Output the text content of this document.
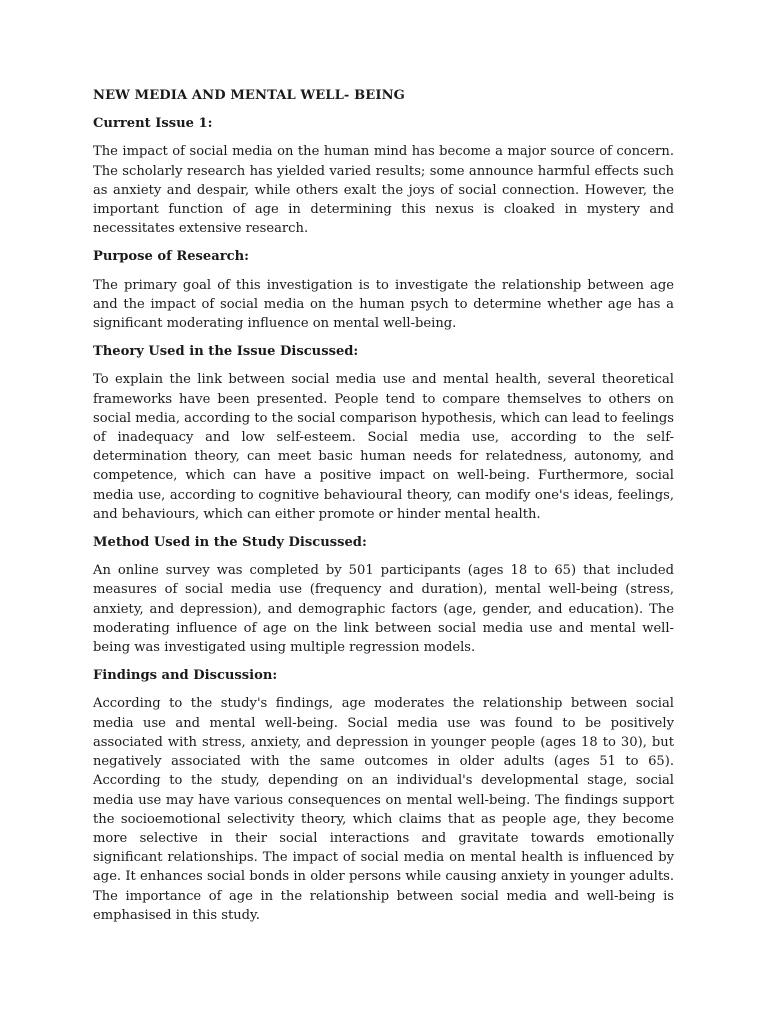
NEW MEDIA AND MENTAL WELL- BEING
Current Issue 1:

The impact of social media on the human mind has become a major source of concern. The scholarly research has yielded varied results; some announce harmful effects such as anxiety and despair, while others exalt the joys of social connection. However, the important function of age in determining this nexus is cloaked in mystery and necessitates extensive research.

Purpose of Research:

The primary goal of this investigation is to investigate the relationship between age and the impact of social media on the human psych to determine whether age has a significant moderating influence on mental well-being.

Theory Used in the Issue Discussed:

To explain the link between social media use and mental health, several theoretical frameworks have been presented. People tend to compare themselves to others on social media, according to the social comparison hypothesis, which can lead to feelings of inadequacy and low self-esteem. Social media use, according to the self-determination theory, can meet basic human needs for relatedness, autonomy, and competence, which can have a positive impact on well-being. Furthermore, social media use, according to cognitive behavioural theory, can modify one's ideas, feelings, and behaviours, which can either promote or hinder mental health.

Method Used in the Study Discussed:

An online survey was completed by 501 participants (ages 18 to 65) that included measures of social media use (frequency and duration), mental well-being (stress, anxiety, and depression), and demographic factors (age, gender, and education). The moderating influence of age on the link between social media use and mental well-being was investigated using multiple regression models.

Findings and Discussion:

According to the study's findings, age moderates the relationship between social media use and mental well-being. Social media use was found to be positively associated with stress, anxiety, and depression in younger people (ages 18 to 30), but negatively associated with the same outcomes in older adults (ages 51 to 65). According to the study, depending on an individual's developmental stage, social media use may have various consequences on mental well-being. The findings support the socioemotional selectivity theory, which claims that as people age, they become more selective in their social interactions and gravitate towards emotionally significant relationships. The impact of social media on mental health is influenced by age. It enhances social bonds in older persons while causing anxiety in younger adults. The importance of age in the relationship between social media and well-being is emphasised in this study.
